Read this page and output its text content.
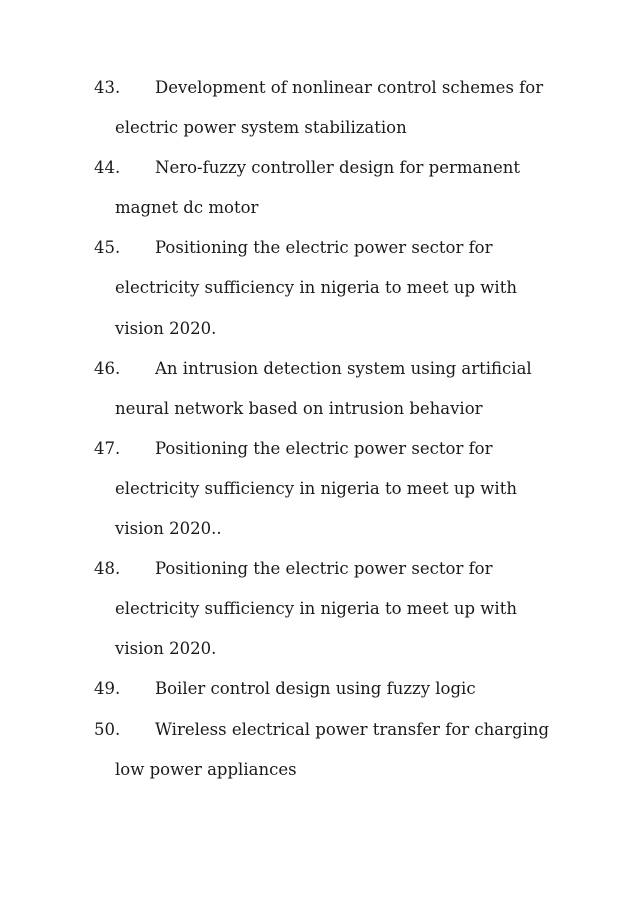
43. Development of nonlinear control schemes for
electric power system stabilization
44. Nero-fuzzy controller design for permanent
magnet dc motor
45. Positioning the electric power sector for
electricity sufficiency in nigeria to meet up with
vision 2020.
46. An intrusion detection system using artificial
neural network based on intrusion behavior
47. Positioning the electric power sector for
electricity sufficiency in nigeria to meet up with
vision 2020..
48. Positioning the electric power sector for
electricity sufficiency in nigeria to meet up with
vision 2020.
49. Boiler control design using fuzzy logic
50. Wireless electrical power transfer for charging
low power appliances
